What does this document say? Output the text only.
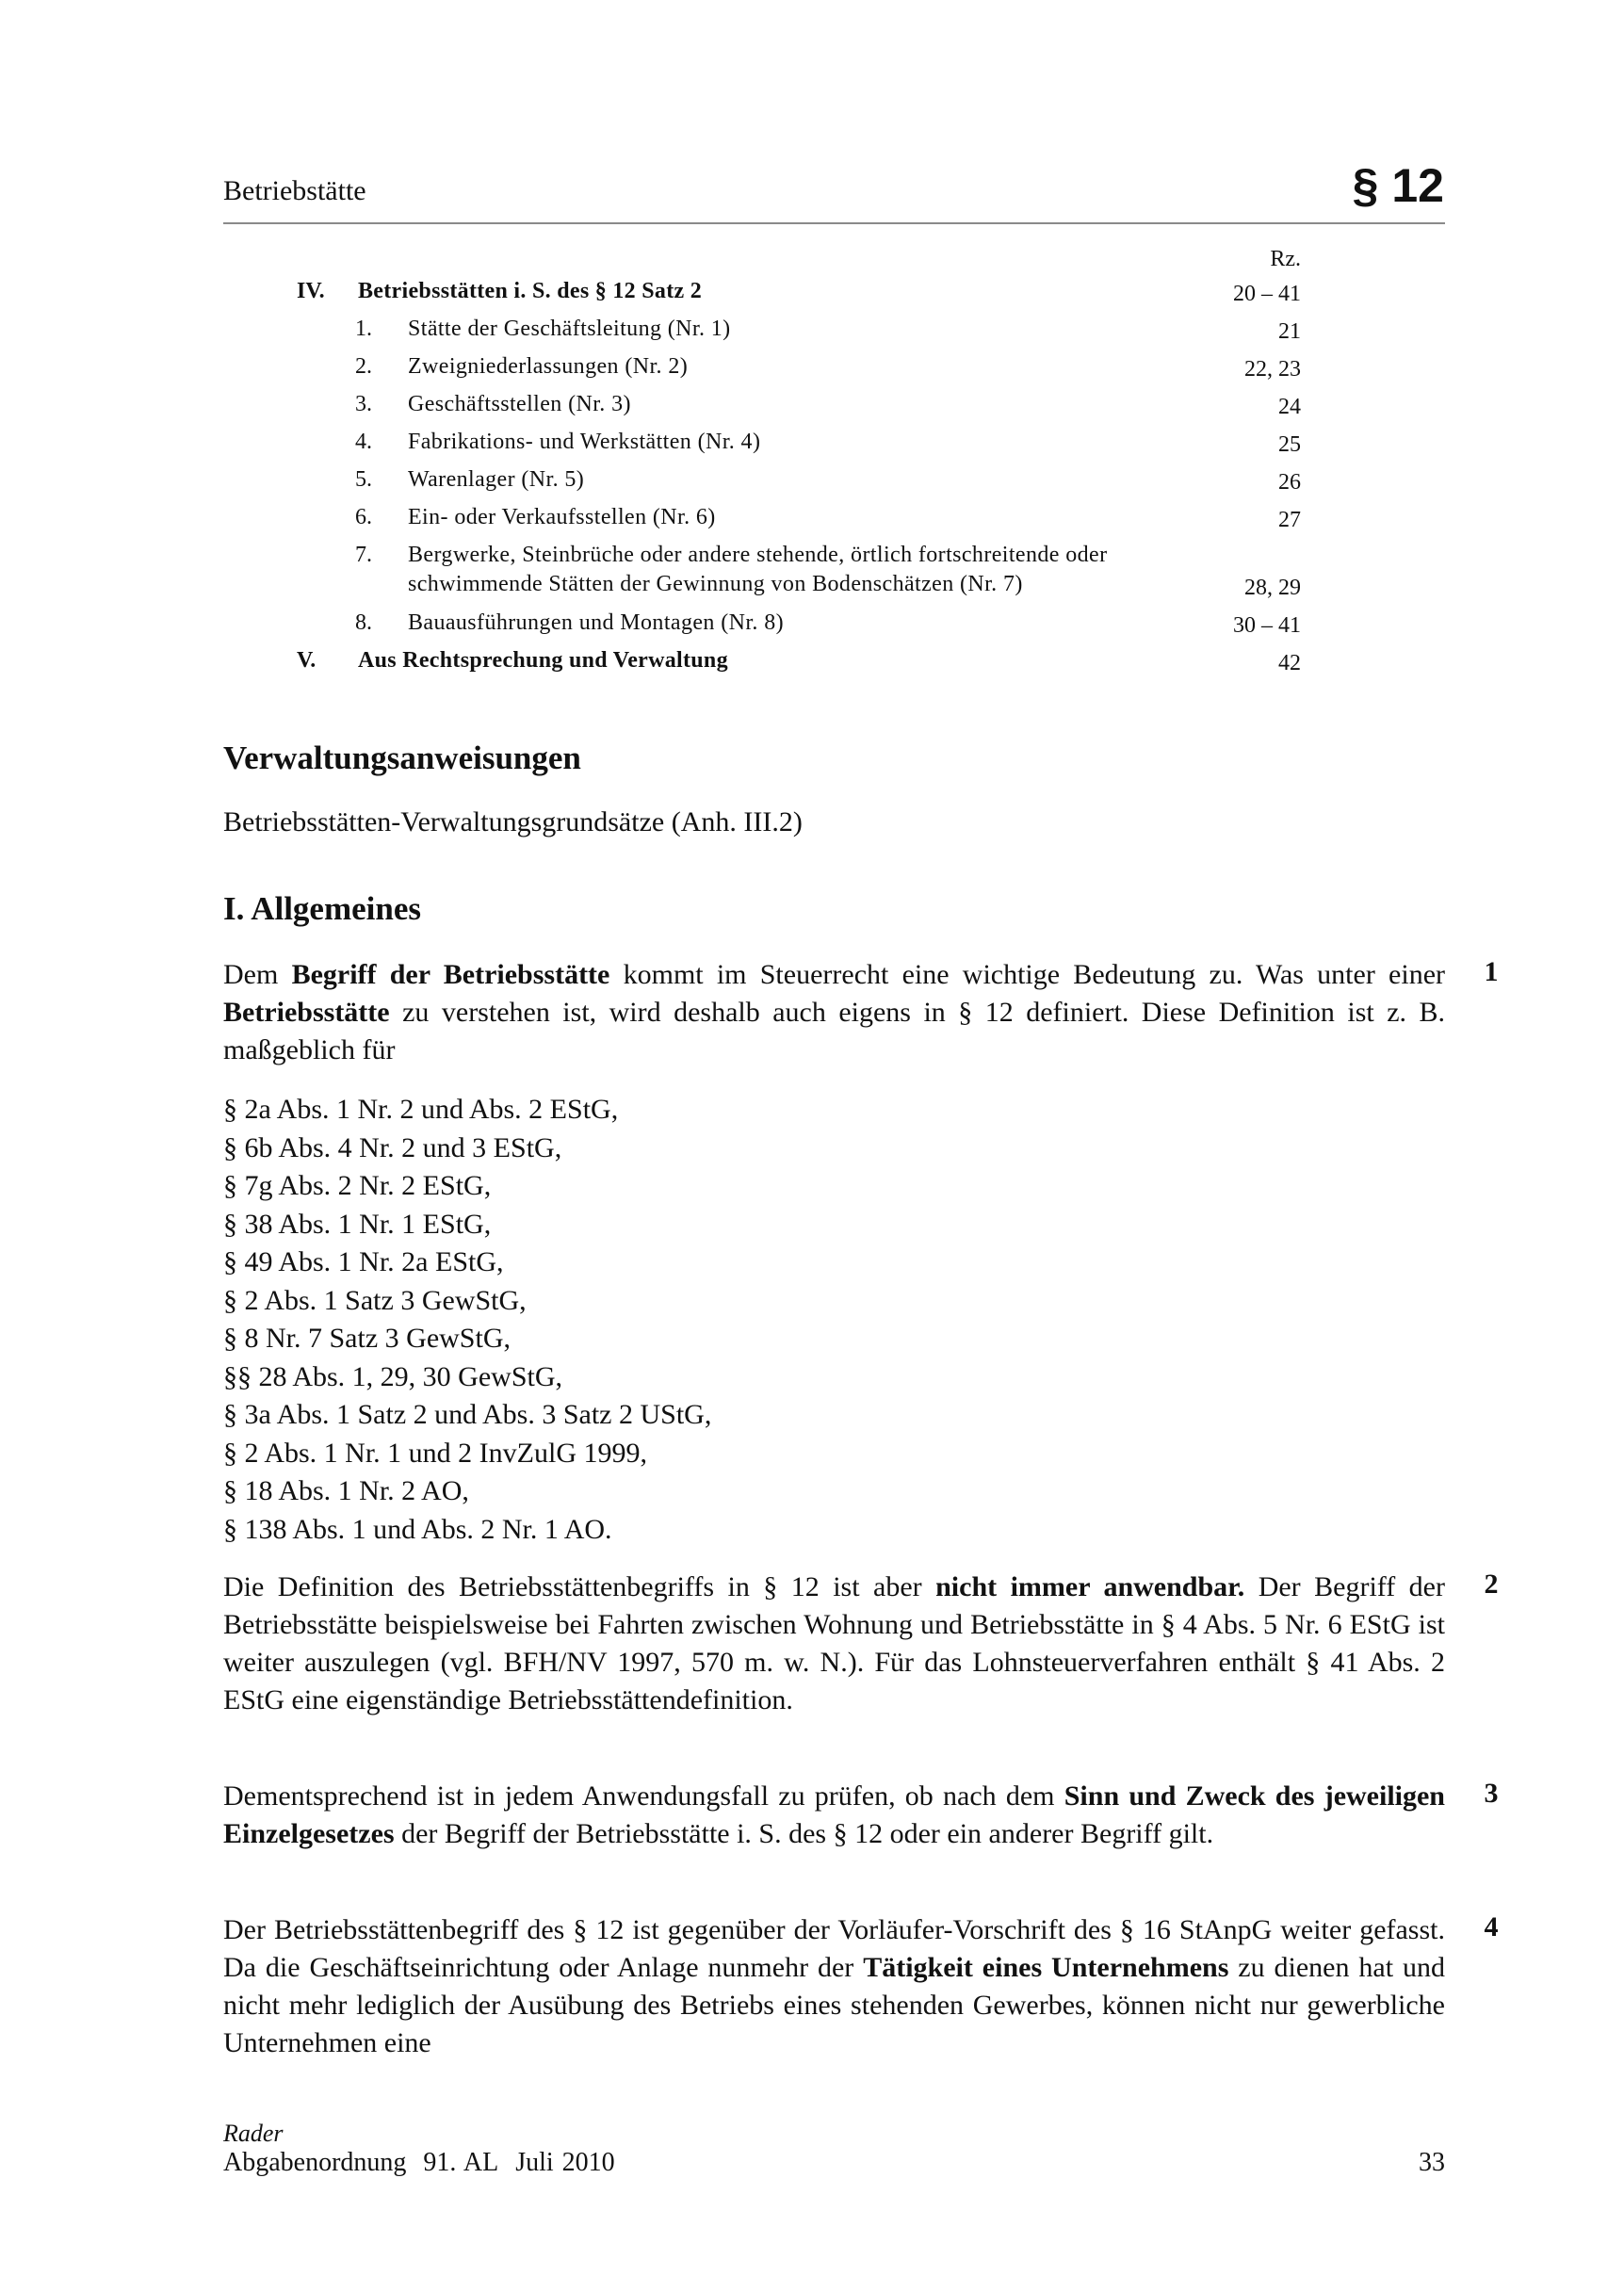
Betriebstätte	§ 12
Rz.
IV. Betriebsstätten i. S. des § 12 Satz 2	20 – 41
1. Stätte der Geschäftsleitung (Nr. 1)	21
2. Zweigniederlassungen (Nr. 2)	22, 23
3. Geschäftsstellen (Nr. 3)	24
4. Fabrikations- und Werkstätten (Nr. 4)	25
5. Warenlager (Nr. 5)	26
6. Ein- oder Verkaufsstellen (Nr. 6)	27
7. Bergwerke, Steinbrüche oder andere stehende, örtlich fortschreitende oder
schwimmende Stätten der Gewinnung von Bodenschätzen (Nr. 7)	28, 29
8. Bauausführungen und Montagen (Nr. 8)	30 – 41
V. Aus Rechtsprechung und Verwaltung	42
Verwaltungsanweisungen
Betriebsstätten-Verwaltungsgrundsätze (Anh. III.2)
I. Allgemeines
Dem Begriff der Betriebsstätte kommt im Steuerrecht eine wichtige Bedeutung zu. Was unter einer Betriebsstätte zu verstehen ist, wird deshalb auch eigens in § 12 definiert. Diese Definition ist z. B. maßgeblich für
1
§ 2a Abs. 1 Nr. 2 und Abs. 2 EStG,
§ 6b Abs. 4 Nr. 2 und 3 EStG,
§ 7g Abs. 2 Nr. 2 EStG,
§ 38 Abs. 1 Nr. 1 EStG,
§ 49 Abs. 1 Nr. 2a EStG,
§ 2 Abs. 1 Satz 3 GewStG,
§ 8 Nr. 7 Satz 3 GewStG,
§§ 28 Abs. 1, 29, 30 GewStG,
§ 3a Abs. 1 Satz 2 und Abs. 3 Satz 2 UStG,
§ 2 Abs. 1 Nr. 1 und 2 InvZulG 1999,
§ 18 Abs. 1 Nr. 2 AO,
§ 138 Abs. 1 und Abs. 2 Nr. 1 AO.
Die Definition des Betriebsstättenbegriffs in § 12 ist aber nicht immer anwendbar. Der Begriff der Betriebsstätte beispielsweise bei Fahrten zwischen Wohnung und Betriebsstätte in § 4 Abs. 5 Nr. 6 EStG ist weiter auszulegen (vgl. BFH/NV 1997, 570 m. w. N.). Für das Lohnsteuerverfahren enthält § 41 Abs. 2 EStG eine eigenständige Betriebsstättendefinition.
2
Dementsprechend ist in jedem Anwendungsfall zu prüfen, ob nach dem Sinn und Zweck des jeweiligen Einzelgesetzes der Begriff der Betriebsstätte i. S. des § 12 oder ein anderer Begriff gilt.
3
Der Betriebsstättenbegriff des § 12 ist gegenüber der Vorläufer-Vorschrift des § 16 StAnpG weiter gefasst. Da die Geschäftseinrichtung oder Anlage nunmehr der Tätigkeit eines Unternehmens zu dienen hat und nicht mehr lediglich der Ausübung des Betriebs eines stehenden Gewerbes, können nicht nur gewerbliche Unternehmen eine
4
Rader
Abgabenordnung 91. AL Juli 2010	33
